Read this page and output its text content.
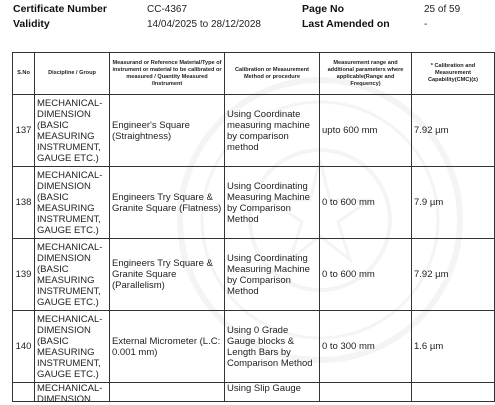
Certificate Number	CC-4367	Page No	25 of 59
Validity	14/04/2025 to 28/12/2028	Last Amended on	-
S.No	Discipline / Group	Measurand or Reference Material/Type of instrument or material to be calibrated or measured / Quantity Measured /Instrument	Calibration or Measurement Method or procedure	Measurement range and additional parameters where applicable(Range and Frequency)	* Calibration and Measurement Capability(CMC)(±)
137	MECHANICAL- DIMENSION (BASIC MEASURING INSTRUMENT, GAUGE ETC.)	Engineer's Square (Straightness)	Using Coordinate measuring machine by comparison method	upto 600 mm	7.92 µm
138	MECHANICAL- DIMENSION (BASIC MEASURING INSTRUMENT, GAUGE ETC.)	Engineers Try Square & Granite Square (Flatness)	Using Coordinating Measuring Machine by Comparison Method	0 to 600 mm	7.9 µm
139	MECHANICAL- DIMENSION (BASIC MEASURING INSTRUMENT, GAUGE ETC.)	Engineers Try Square & Granite Square (Parallelism)	Using Coordinating Measuring Machine by Comparison Method	0 to 600 mm	7.92 µm
140	MECHANICAL- DIMENSION (BASIC MEASURING INSTRUMENT, GAUGE ETC.)	External Micrometer (L.C: 0.001 mm)	Using 0 Grade Gauge blocks & Length Bars by Comparison Method	0 to 300 mm	1.6 µm

	MECHANICAL- DIMENSION		Using Slip Gauge		
